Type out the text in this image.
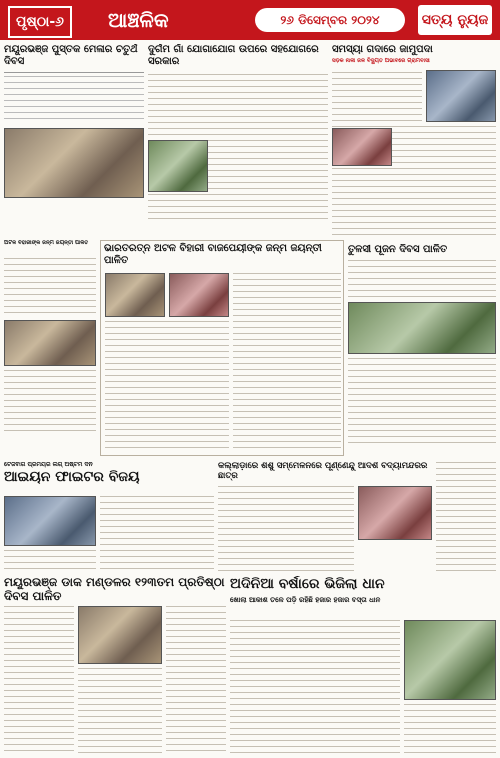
ପୃଷ୍ଠା-୬	ଆଞ୍ଚଳିକ	୨୬ ଡିସେମ୍ବର ୨୦୨୪	ସତ୍ୟ ନ୍ୟୁଜ
ମୟୂରଭଞ୍ଜ ପୁସ୍ତକ ମେଳାର ଚତୁର୍ଥ ଦିବସ
ଦୁର୍ଗମ ଗାଁ ଯୋଗାଯୋଗ ଉପରେ ସହଯୋଗରେ ସରକାର
ସମସ୍ୟା ଗଦାରେ ଜାମୁପଦା
ସଡ଼କ ନାଳୀ ଜଳ ବିଦ୍ୟୁତ ଅଭାବରେ ଗ୍ରାମବାସୀ
ଅଟଳ ବିହାରୀଙ୍କ ଜନ୍ମ ଜୟନ୍ତୀ ପାଳିତ	ଭାରତରତ୍ନ ଅଟଳ ବିହାରୀ ବାଜପେୟୀଙ୍କ ଜନ୍ମ ଜୟନ୍ତୀ ପାଳିତ
ତୁଳସୀ ପୂଜନ ଦିବସ ପାଳିତ
ଟେଜବାଗ ପ୍ରିମିୟର ଲିଗ୍ ଅଷ୍ଟମ ଦିନ
ଆଇୟନ ଫାଇଟର ବିଜୟ
କିଲ୍ଲାଡ଼ାରେ ଶିଶୁ ସମ୍ମେଳନରେ ପୂର୍ଣ୍ଣେନ୍ଦୁ ଆଦର୍ଶ ବିଦ୍ୟାମନ୍ଦିରର ଛାତ୍ର
ମୟୂରଭଞ୍ଜ ଡାକ ମଣ୍ଡଳର ୧୨୩ତମ ପ୍ରତିଷ୍ଠା ଦିବସ ପାଳିତ
ଅଦିନିଆ ବର୍ଷାରେ ଭିଜିଲା ଧାନ
ଖୋଲା ଆକାଶ ତଳେ ପଡ଼ି ରହିଛି ହଜାର ହଜାର ବସ୍ତା ଧାନ
